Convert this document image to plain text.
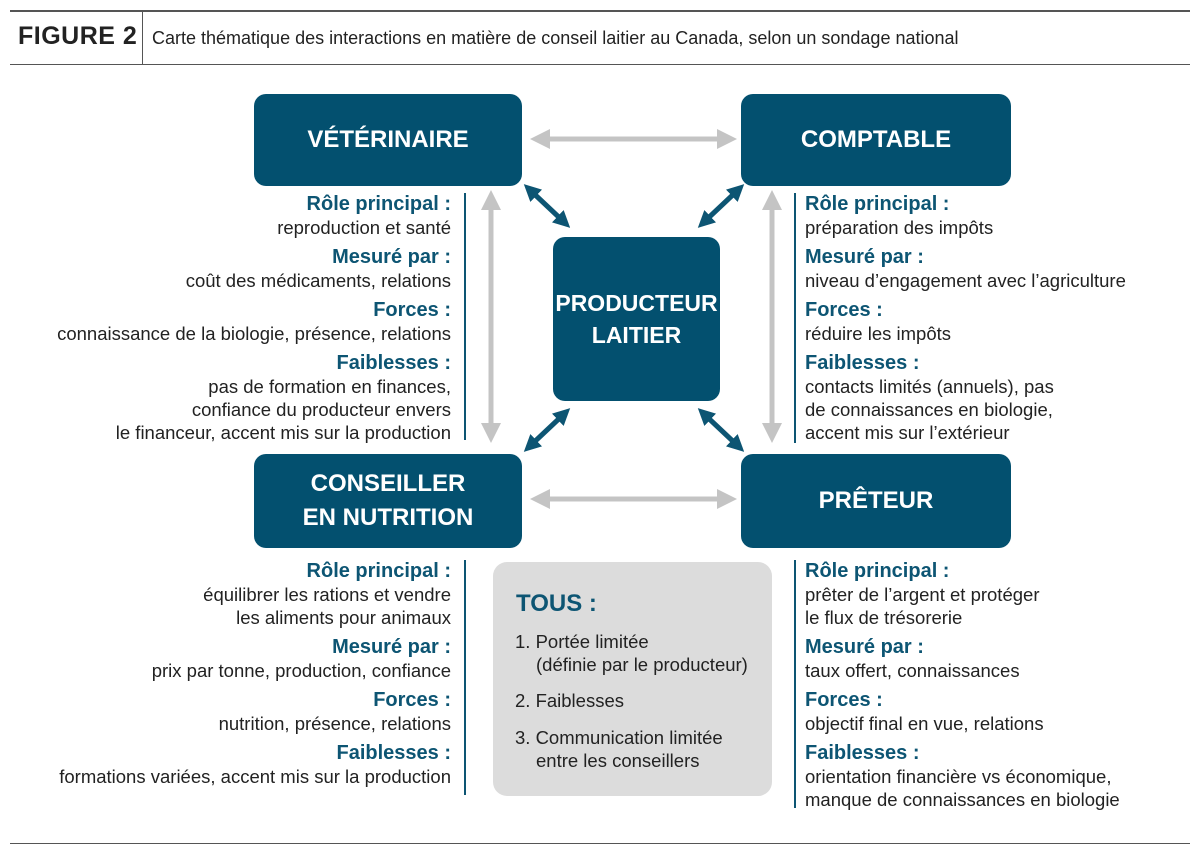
FIGURE 2 Carte thématique des interactions en matière de conseil laitier au Canada, selon un sondage national
VÉTÉRINAIRE	COMPTABLE
PRODUCTEUR
LAITIER
CONSEILLER
EN NUTRITION
PRÊTEUR
Rôle principal :
reproduction et santé
Mesuré par :
coût des médicaments, relations
Forces :
connaissance de la biologie, présence, relations
Faiblesses :
pas de formation en finances,
confiance du producteur envers
le financeur, accent mis sur la production
Rôle principal :
préparation des impôts
Mesuré par :
niveau d’engagement avec l’agriculture
Forces :
réduire les impôts
Faiblesses :
contacts limités (annuels), pas
de connaissances en biologie,
accent mis sur l’extérieur
Rôle principal :
équilibrer les rations et vendre
les aliments pour animaux
Mesuré par :
prix par tonne, production, confiance
Forces :
nutrition, présence, relations
Faiblesses :
formations variées, accent mis sur la production
Rôle principal :
prêter de l’argent et protéger
le flux de trésorerie
Mesuré par :
taux offert, connaissances
Forces :
objectif final en vue, relations
Faiblesses :
orientation financière vs économique,
manque de connaissances en biologie
TOUS :
1. Portée limitée
(définie par le producteur)
2. Faiblesses
3. Communication limitée
entre les conseillers
